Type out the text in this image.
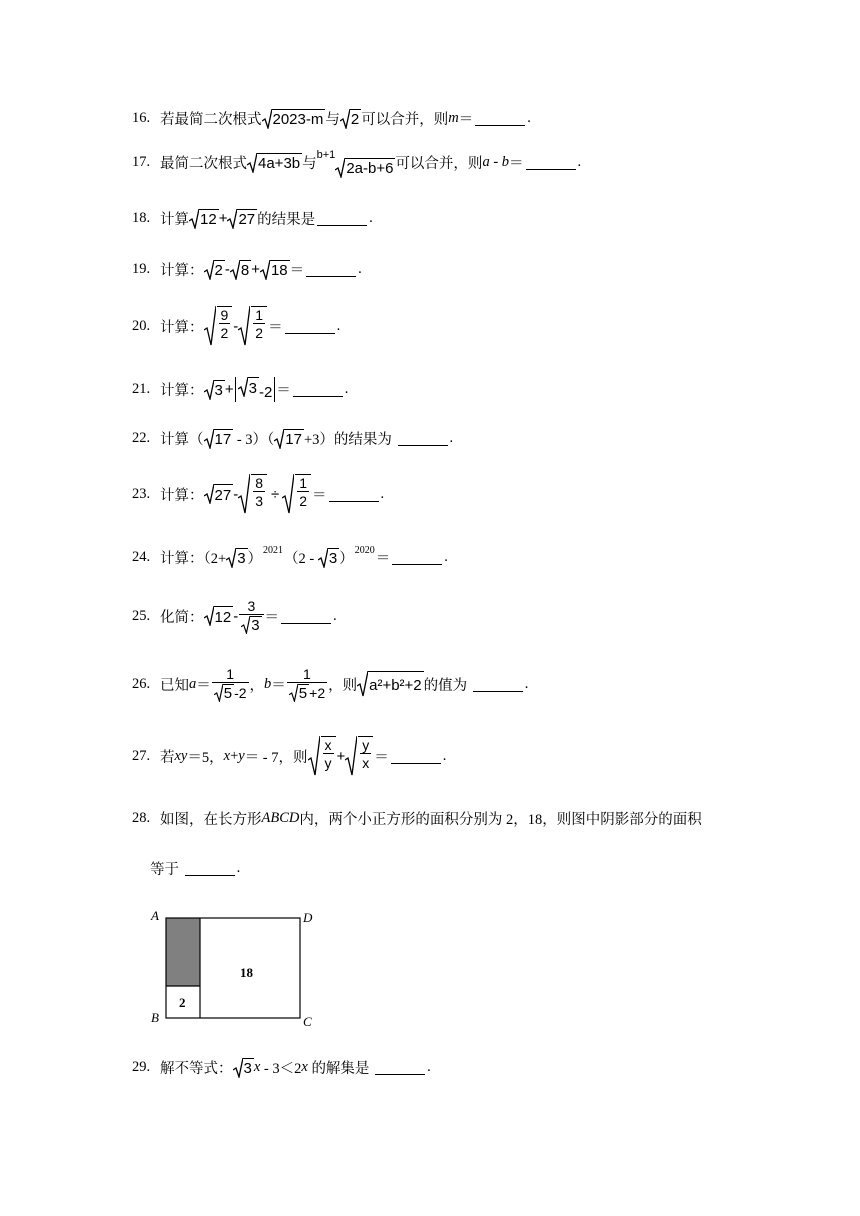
16. 若最简二次根式 2023-m 与 2 可以合并，则 m ＝	.
17. 最简二次根式 4a+3b 与
b+1
2a-b+6 可以合并，则 a - b ＝	.
18. 计算 12 + 27 的结果是	.
19. 计算： 2 - 8 + 18 ＝	.
20. 计算： $\frac{9}{2} - \frac{1}{2}$ ＝	.
21. 计算： 3 + 3 -2 ＝	.
22. 计算（ 17 - 3）（ 17 +3）的结果为	.
23. 计算： $27 - \frac{8}{3} \div \frac{1}{2}$ ＝	.
24. 计算：（2+ 3 ）
2021
（2 - 3 ）
2020
＝	.
25. 化简： $12 - \frac{3}{3}$ ＝	.
26. 已知 $a = \frac{1}{5 -2}$ ， $b = \frac{1}{5 +2}$ ，则 a²+b²+2 的值为	.
27. 若 xy ＝5， x + y ＝ - 7，则 $\frac{x}{y} + \frac{y}{x}$ ＝	.
28. 如图，在长方形 ABCD 内，两个小正方形的面积分别为 2，18，则图中阴影部分的面积
等于	.
18
2
A
B	C
D
29. 解不等式： 3 x - 3＜2 x 的解集是	.
